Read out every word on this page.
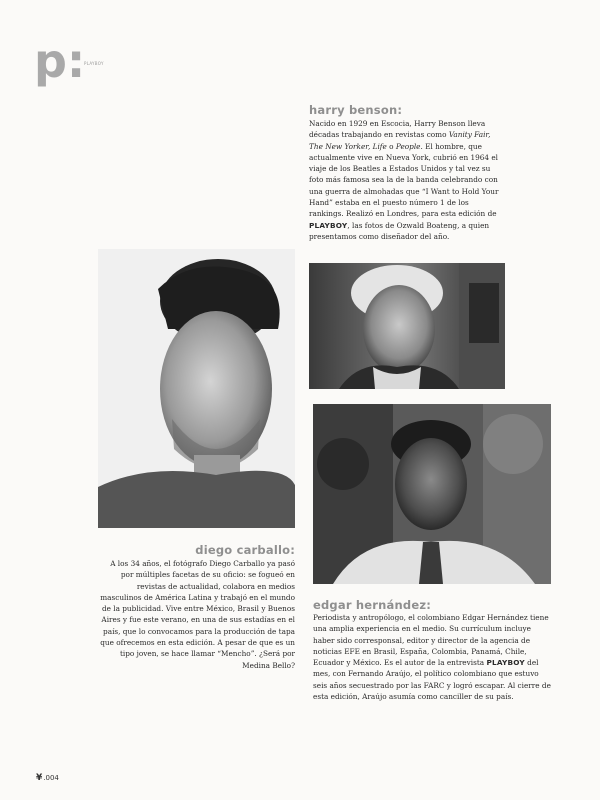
p:
PLAYBOY
harry benson:

Nacido en 1929 en Escocia, Harry Benson lleva décadas trabajando en revistas como Vanity Fair, The New Yorker, Life o People. El hombre, que actualmente vive en Nueva York, cubrió en 1964 el viaje de los Beatles a Estados Unidos y tal vez su foto más famosa sea la de la banda celebrando con una guerra de almohadas que “I Want to Hold Your Hand” estaba en el puesto número 1 de los rankings. Realizó en Londres, para esta edición de PLAYBOY, las fotos de Ozwald Boateng, a quien presentamos como diseñador del año.

diego carballo:

A los 34 años, el fotógrafo Diego Carballo ya pasó por múltiples facetas de su oficio: se fogueó en revistas de actualidad, colabora en medios masculinos de América Latina y trabajó en el mundo de la publicidad. Vive entre México, Brasil y Buenos Aires y fue este verano, en una de sus estadías en el país, que lo convocamos para la producción de tapa que ofrecemos en esta edición. A pesar de que es un tipo joven, se hace llamar “Mencho”. ¿Será por Medina Bello?

edgar hernández:

Periodista y antropólogo, el colombiano Edgar Hernández tiene una amplia experiencia en el medio. Su currículum incluye haber sido corresponsal, editor y director de la agencia de noticias EFE en Brasil, España, Colombia, Panamá, Chile, Ecuador y México. Es el autor de la entrevista PLAYBOY del mes, con Fernando Araújo, el político colombiano que estuvo seis años secuestrado por las FARC y logró escapar. Al cierre de esta edición, Araújo asumía como canciller de su país.

¥.004
